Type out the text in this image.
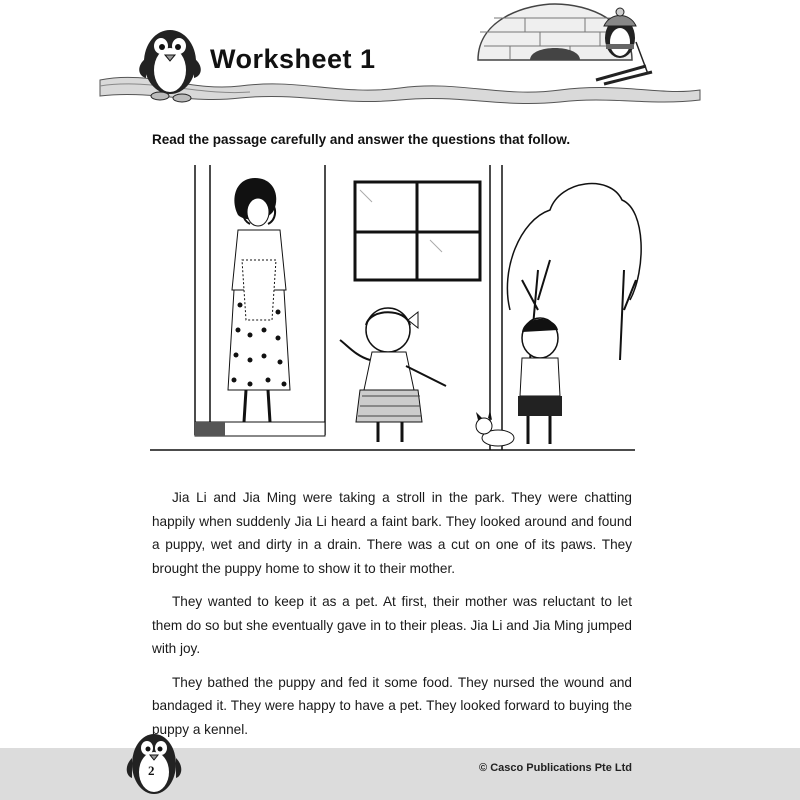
Worksheet 1

Read the passage carefully and answer the questions that follow.

Jia Li and Jia Ming were taking a stroll in the park. They were chatting happily when suddenly Jia Li heard a faint bark. They looked around and found a puppy, wet and dirty in a drain. There was a cut on one of its paws. They brought the puppy home to show it to their mother.

They wanted to keep it as a pet. At first, their mother was reluctant to let them do so but she eventually gave in to their pleas. Jia Li and Jia Ming jumped with joy.

They bathed the puppy and fed it some food. They nursed the wound and bandaged it. They were happy to have a pet. They looked forward to buying the puppy a kennel.

2	© Casco Publications Pte Ltd
